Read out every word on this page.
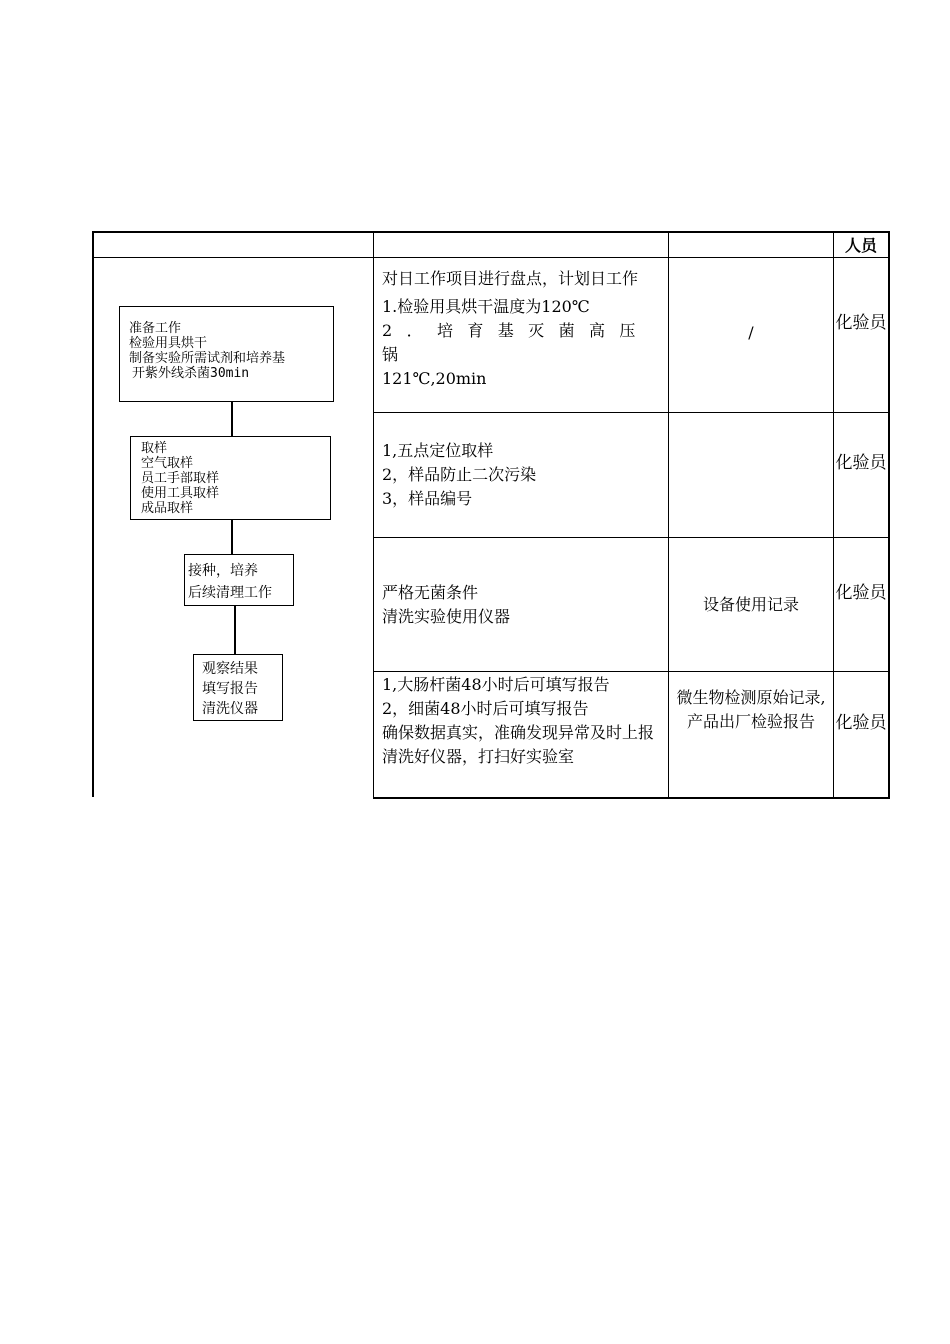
人员
对日工作项目进行盘点，计划日工作
1.检验用具烘干温度为120℃
2．培育基灭菌高压锅
121℃,20min
/	化验员
1,五点定位取样
2，样品防止二次污染
3，样品编号
化验员
严格无菌条件
清洗实验使用仪器
设备使用记录
化验员
1,大肠杆菌48小时后可填写报告
2，细菌48小时后可填写报告
确保数据真实，准确发现异常及时上报清洗好仪器，打扫好实验室
微生物检测原始记录,产品出厂检验报告	化验员
准备工作
检验用具烘干
制备实验所需试剂和培养基
开紫外线杀菌30min
取样
空气取样
员工手部取样
使用工具取样
成品取样
接种，培养
后续清理工作
观察结果
填写报告
清洗仪器
